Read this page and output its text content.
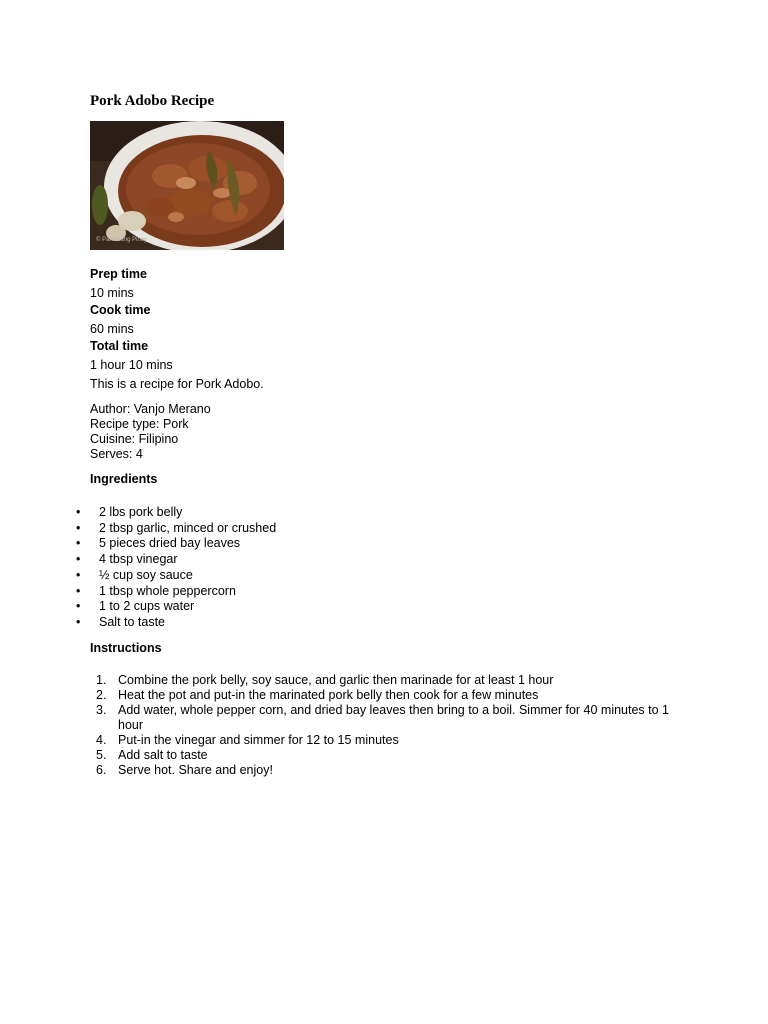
Pork Adobo Recipe
© Panlasang Pinoy
Prep time
10 mins
Cook time
60 mins
Total time
1 hour 10 mins
This is a recipe for Pork Adobo.
Author: Vanjo Merano
Recipe type: Pork
Cuisine: Filipino
Serves: 4
Ingredients
• 2 lbs pork belly
• 2 tbsp garlic, minced or crushed
• 5 pieces dried bay leaves
• 4 tbsp vinegar
• ½ cup soy sauce
• 1 tbsp whole peppercorn
• 1 to 2 cups water
• Salt to taste
Instructions
1. Combine the pork belly, soy sauce, and garlic then marinade for at least 1 hour
2. Heat the pot and put-in the marinated pork belly then cook for a few minutes
3. Add water, whole pepper corn, and dried bay leaves then bring to a boil. Simmer for 40 minutes to 1 hour
4. Put-in the vinegar and simmer for 12 to 15 minutes
5. Add salt to taste
6. Serve hot. Share and enjoy!
